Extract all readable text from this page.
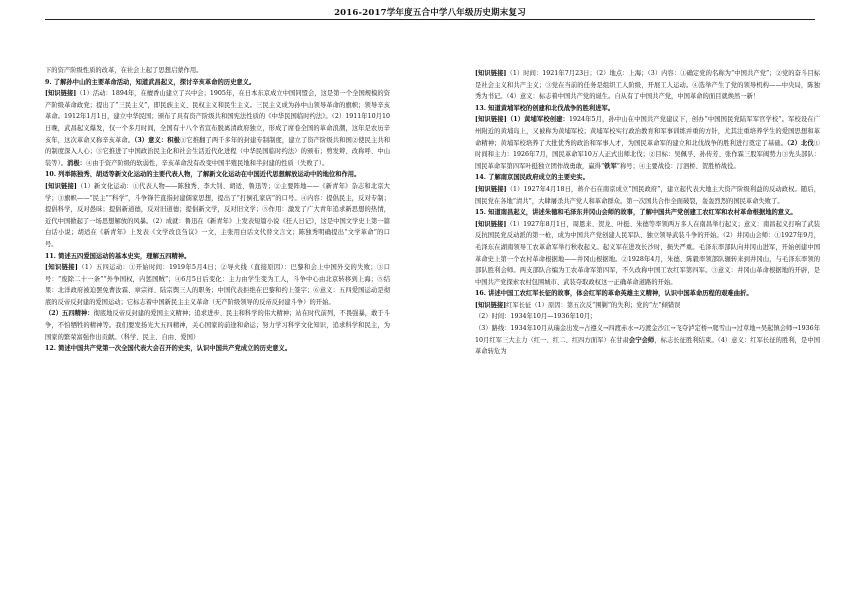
2016-2017学年度五合中学八年级历史期末复习

下的资产阶级性质的改革，在社会上起了思想启蒙作用。

9. 了解孙中山的主要革命活动，知道武昌起义，探讨辛亥革命的历史意义。

[知识链接]（1）活动：1894年，在檀香山建立了兴中会；1905年，在日本东京成立中国同盟会，这是第一个全国规模的资产阶级革命政党；提出了“三民主义”，即民族主义、民权主义和民生主义。三民主义成为孙中山领导革命的旗帜；领导辛亥革命。1912年1月1日，建立中华民国；颁布了具有资产阶级共和国宪法性质的《中华民国临时约法》。（2）1911年10月10日晚，武昌起义爆发，仅一个多月时间，全国有十八个省宣布脱离清政府独立，形成了席卷全国的革命浪潮，这年是农历辛亥年，这次革命又称辛亥革命。（3）意义：积极①它推翻了两千多年的封建专制制度，建立了资产阶级共和国②使民主共和的制度深入人心；③它推进了中国政治民主化和社会生活近代化进程（中华民国临时约法）的颁布；剪发辫、改称呼、中山装等）。消极：④由于资产阶级的软弱性，辛亥革命没有改变中国半殖民地和半封建的性质（失败了）。

10. 列举陈独秀、胡适等新文化运动的主要代表人物，了解新文化运动在中国近代思想解放运动中的地位和作用。

[知识链接]（1）新文化运动：①代表人物——陈独秀、李大钊、胡适、鲁迅等；②主要阵地——《新青年》杂志和北京大学；③旗帜——“民主”“科学”，斗争锋芒直指封建儒家思想，提出了“打倒孔家店”的口号。④内容：提倡民主，反对专制；提倡科学，反对愚昧；提倡新道德，反对旧道德；提倡新文学，反对旧文学；⑤作用：激发了广大青年追求新思想的热情，近代中国掀起了一场思想解放的风暴。（2）成就：鲁迅在《新青年》上发表短篇小说《狂人日记》，这是中国文学史上第一篇白话小说；胡适在《新青年》上发表《文学改良刍议》一文，主张用白话文代替文言文；陈独秀明确提出“文学革命”的口号。

11. 简述五四爱国运动的基本史实，理解五四精神。

[知识链接]（1）五四运动：①开始时间：1919年5月4日；②导火线（直接原因）：巴黎和会上中国外交的失败；③口号：“废除二十一条”“外争国权，内惩国贼”；④6月5日后变化：主力由学生变为工人，斗争中心由北京转移到上海；⑤结果：北洋政府被迫罢免曹汝霖、章宗祥、陆宗舆三人的职务；中国代表拒绝在巴黎和约上签字；⑥意义：五四爱国运动是彻底的反帝反封建的爱国运动；它标志着中国新民主主义革命（无产阶级领导的反帝反封建斗争）的开始。

（2）五四精神：彻底地反帝反封建的爱国主义精神；追求进步、民主和科学的伟大精神；站在时代前列，不畏强暴，敢于斗争，不怕牺牲的精神等。我们要发扬光大五四精神，关心国家的前途和命运；努力学习科学文化知识，追求科学和民主，为国家的繁荣富强作出贡献。（科学、民主、自由、爱国）

12. 简述中国共产党第一次全国代表大会召开的史实，认识中国共产党成立的历史意义。

[知识链接]（1）时间：1921年7月23日；（2）地点：上海；（3）内容：①确定党的名称为“中国共产党”；②党的奋斗目标是社会主义和共产主义；③党在当前的任务是组织工人阶级，开展工人运动。④选举产生了党的领导机构——中央局，陈独秀为书记。（4）意义：标志着中国共产党的诞生。自从有了中国共产党，中国革命的面目就焕然一新！

13. 知道黄埔军校的创建和北伐战争的胜利进军。

[知识链接]（1）黄埔军校创建：1924年5月，孙中山在中国共产党建议下，创办“中国国民党陆军军官学校”。军校设在广州附近的黄埔岛上，又被称为黄埔军校；黄埔军校实行政治教育和军事训练并重的方针，尤其注重培养学生的爱国思想和革命精神；黄埔军校培养了大批优秀的政治和军事人才，为国民革命军的建立和北伐战争的胜利进行奠定了基础。（2）北伐①时间和主力：1926年7月，国民革命军10万人正式出师北伐；②目标：吴佩孚、孙传芳、张作霖三股军阀势力③先头部队：国民革命军第四军叶挺独立团作战勇敢，赢得“铁军”称号；④主要战役：汀泗桥、贺胜桥战役。

14. 了解南京国民政府成立的主要史实。

[知识链接]（1）1927年4月18日，蒋介石在南京成立“国民政府”，建立起代表大地主大资产阶级利益的反动政权。随后，国民党在各地“清共”，大肆屠杀共产党人和革命群众。第一次国共合作全面破裂，轰轰烈烈的国民革命失败了。

15. 知道南昌起义，讲述朱德和毛泽东井冈山会师的故事，了解中国共产党创建工农红军和农村革命根据地的意义。

[知识链接]（1）1927年8月1日，周恩来、贺龙、叶挺、朱德等率领两万多人在南昌举行起义；意义：南昌起义打响了武装反抗国民党反动派的第一枪，成为中国共产党创建人民军队、独立领导武装斗争的开始。（2）井冈山会师：①1927年9月，毛泽东在湖南领导工农革命军举行秋收起义。起义军在进攻长沙时，损失严重。毛泽东率部队向井冈山进军，开始创建中国革命史上第一个农村革命根据地——井冈山根据地。②1928年4月，朱德、陈毅率领部队辗转来到井冈山，与毛泽东率领的部队胜利会师。两支部队合编为工农革命军第四军，不久改称中国工农红军第四军。③意义：井冈山革命根据地的开辟，是中国共产党探索农村包围城市、武装夺取政权这一正确革命道路的开始。

16. 讲述中国工农红军长征的故事，体会红军的革命英雄主义精神，认识中国革命历程的艰难曲折。

[知识链接]红军长征（1）原因：第五次反“围剿”的失利；党的“左”倾错误

（2）时间：1934年10月—1936年10月；

（3）路线：1934年10月从瑞金出发→占遵义→四渡赤水→巧渡金沙江→飞夺泸定桥→爬雪山→过草地→吴起镇会师→1936年10月红军三大主力（红一、红二、红四方面军）在甘肃会宁会师，标志长征胜利结束。（4）意义：红军长征的胜利，是中国革命转危为
